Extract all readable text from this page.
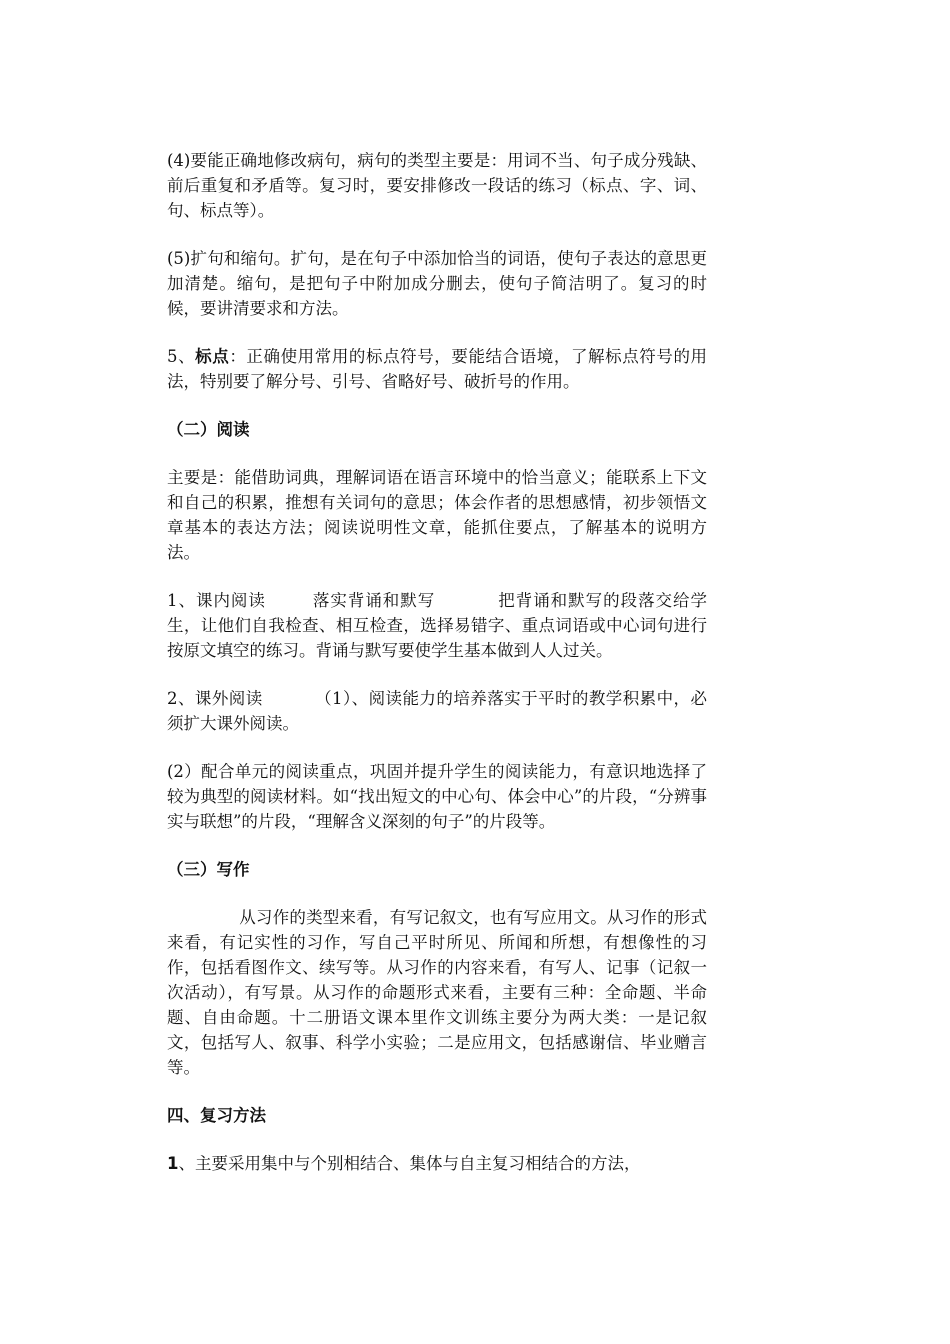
(4)要能正确地修改病句，病句的类型主要是：用词不当、句子成分残缺、前后重复和矛盾等。复习时，要安排修改一段话的练习（标点、字、词、句、标点等）。

(5)扩句和缩句。扩句，是在句子中添加恰当的词语，使句子表达的意思更加清楚。缩句，是把句子中附加成分删去，使句子简洁明了。复习的时候，要讲清要求和方法。

5、标点：正确使用常用的标点符号，要能结合语境，了解标点符号的用法，特别要了解分号、引号、省略好号、破折号的作用。

（二）阅读

主要是：能借助词典，理解词语在语言环境中的恰当意义；能联系上下文和自己的积累，推想有关词句的意思；体会作者的思想感情，初步领悟文章基本的表达方法；阅读说明性文章，能抓住要点，了解基本的说明方法。

1、课内阅读	落实背诵和默写	把背诵和默写的段落交给学生，让他们自我检查、相互检查，选择易错字、重点词语或中心词句进行按原文填空的练习。背诵与默写要使学生基本做到人人过关。

2、课外阅读	（1）、阅读能力的培养落实于平时的教学积累中，必须扩大课外阅读。

(2）配合单元的阅读重点，巩固并提升学生的阅读能力，有意识地选择了较为典型的阅读材料。如“找出短文的中心句、体会中心”的片段，“分辨事实与联想”的片段，“理解含义深刻的句子”的片段等。

（三）写作

从习作的类型来看，有写记叙文，也有写应用文。从习作的形式来看，有记实性的习作，写自己平时所见、所闻和所想，有想像性的习作，包括看图作文、续写等。从习作的内容来看，有写人、记事（记叙一次活动），有写景。从习作的命题形式来看，主要有三种：全命题、半命题、自由命题。十二册语文课本里作文训练主要分为两大类：一是记叙文，包括写人、叙事、科学小实验；二是应用文，包括感谢信、毕业赠言等。

四、复习方法

1、主要采用集中与个别相结合、集体与自主复习相结合的方法，
